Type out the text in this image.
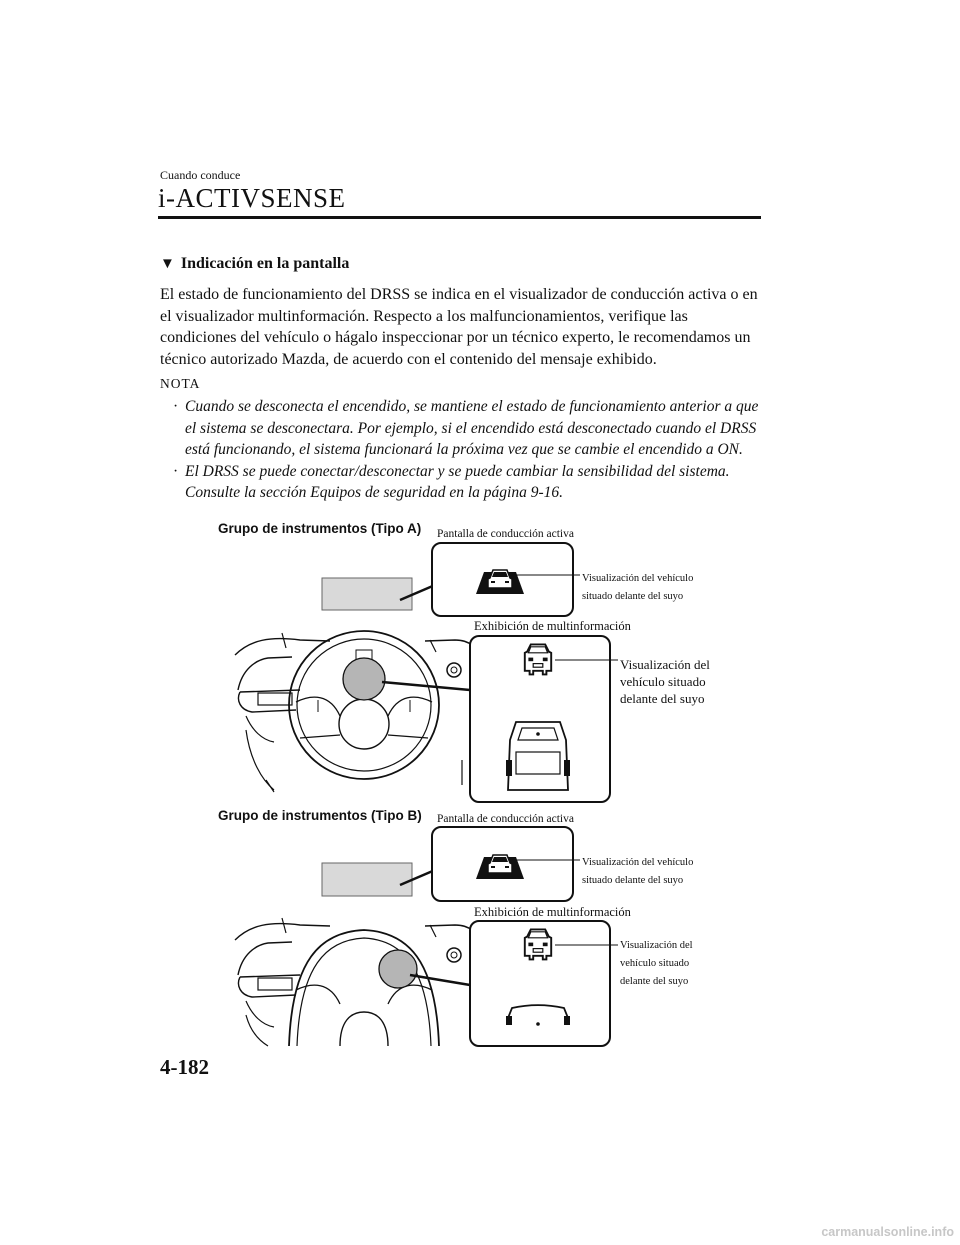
Cuando conduce
i-ACTIVSENSE
▼ Indicación en la pantalla
El estado de funcionamiento del DRSS se indica en el visualizador de conducción activa o en el visualizador multinformación. Respecto a los malfuncionamientos, verifique las condiciones del vehículo o hágalo inspeccionar por un técnico experto, le recomendamos un técnico autorizado Mazda, de acuerdo con el contenido del mensaje exhibido.
NOTA
· Cuando se desconecta el encendido, se mantiene el estado de funcionamiento anterior a que el sistema se desconectara. Por ejemplo, si el encendido está desconectado cuando el DRSS está funcionando, el sistema funcionará la próxima vez que se cambie el encendido a ON.
· El DRSS se puede conectar/desconectar y se puede cambiar la sensibilidad del sistema. Consulte la sección Equipos de seguridad en la página 9-16.
Grupo de instrumentos (Tipo A) Pantalla de conducción activa
Visualización del vehículo
situado delante del suyo
Exhibición de multinformación
Visualización del
vehículo situado
delante del suyo
Grupo de instrumentos (Tipo B) Pantalla de conducción activa
Visualización del vehículo
situado delante del suyo
Exhibición de multinformación
Visualización del
vehículo situado
delante del suyo
4-182
carmanualsonline.info
